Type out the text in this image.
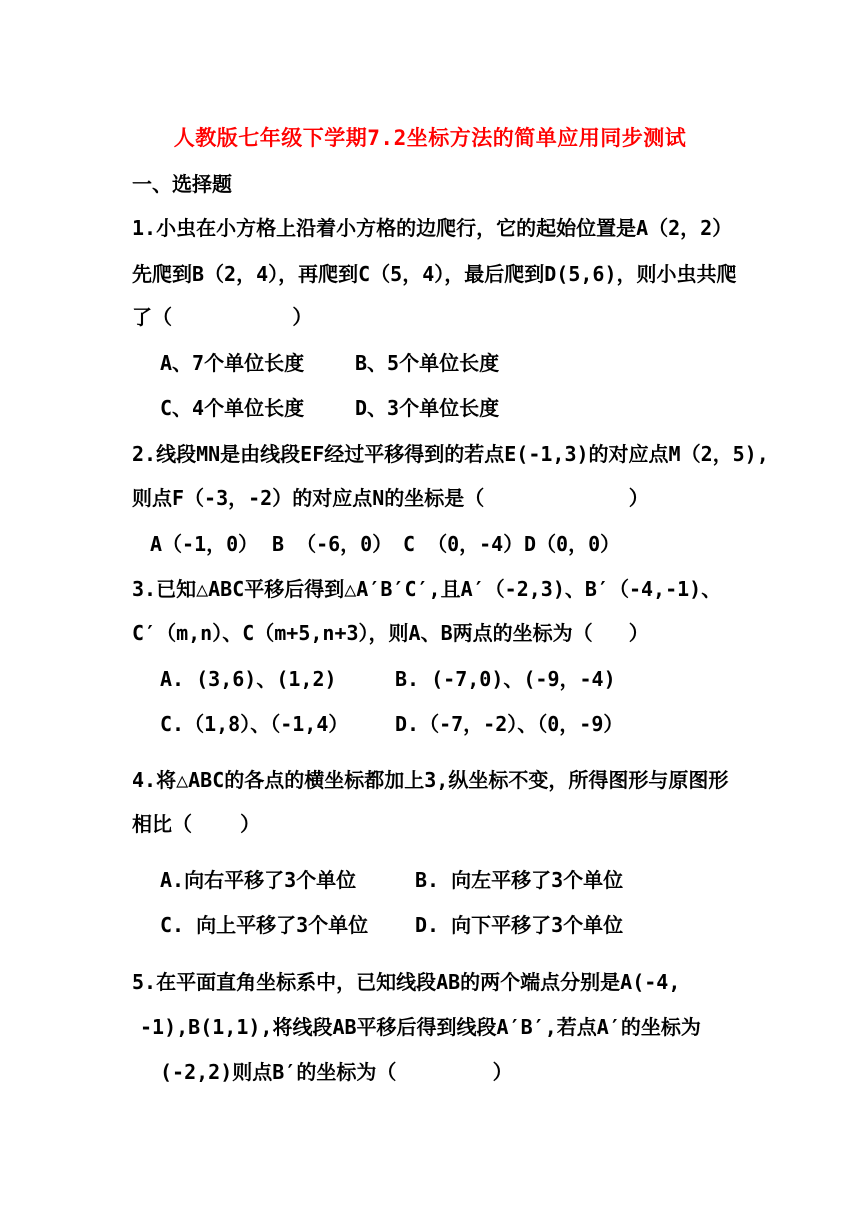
人教版七年级下学期7.2坐标方法的简单应用同步测试
一、选择题
1.小虫在小方格上沿着小方格的边爬行，它的起始位置是A（2，2）
先爬到B（2，4），再爬到C（5，4），最后爬到D(5,6)，则小虫共爬
了（          ）
A、7个单位长度	B、5个单位长度
C、4个单位长度	D、3个单位长度
2.线段MN是由线段EF经过平移得到的若点E(-1,3)的对应点M（2，5),
则点F（-3，-2）的对应点N的坐标是（            ）
A（-1，0） B （-6，0） C （0，-4） D（0，0）
3.已知△ABC平移后得到△A′B′C′,且A′（-2,3)、B′（-4,-1)、
C′（m,n）、C（m+5,n+3），则A、B两点的坐标为（   ）
A. (3,6)、(1,2)	B. (-7,0)、(-9，-4)
C.（1,8）、（-1,4） D.（-7，-2）、（0，-9）
4.将△ABC的各点的横坐标都加上3,纵坐标不变，所得图形与原图形
相比（    ）
A.向右平移了3个单位	B. 向左平移了3个单位
C. 向上平移了3个单位 D. 向下平移了3个单位
5.在平面直角坐标系中，已知线段AB的两个端点分别是A(-4,
-1),B(1,1),将线段AB平移后得到线段A′B′,若点A′的坐标为
(-2,2)则点B′的坐标为（        ）
